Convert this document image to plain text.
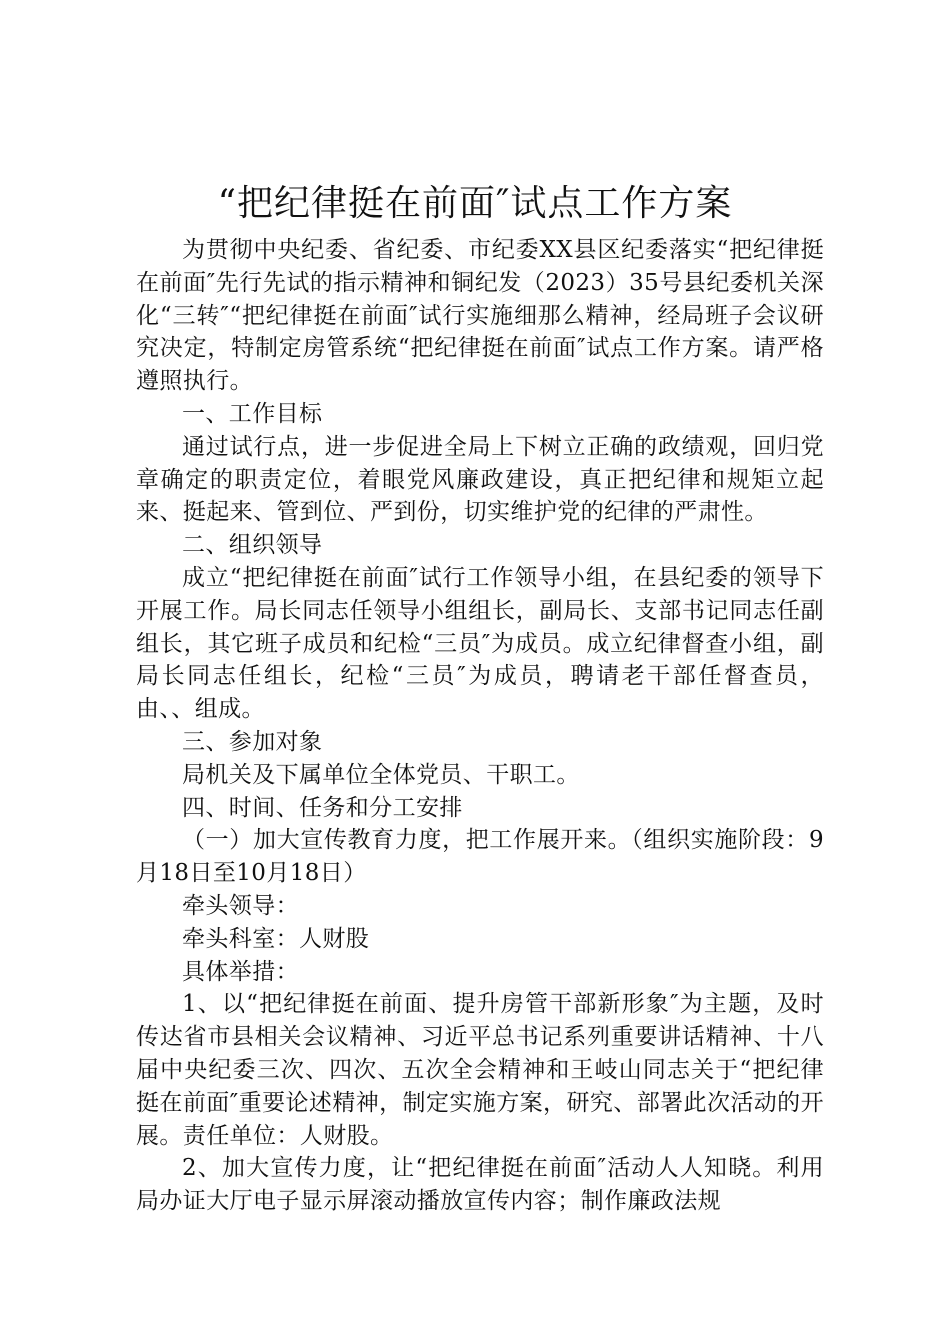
“把纪律挺在前面″试点工作方案

为贯彻中央纪委、省纪委、市纪委XX县区纪委落实“把纪律挺在前面″先行先试的指示精神和铜纪发（2023）35号县纪委机关深化“三转″“把纪律挺在前面″试行实施细那么精神，经局班子会议研究决定，特制定房管系统“把纪律挺在前面″试点工作方案。请严格遵照执行。

一、工作目标

通过试行点，进一步促进全局上下树立正确的政绩观，回归党章确定的职责定位，着眼党风廉政建设，真正把纪律和规矩立起来、挺起来、管到位、严到份，切实维护党的纪律的严肃性。

二、组织领导

成立“把纪律挺在前面″试行工作领导小组，在县纪委的领导下开展工作。局长同志任领导小组组长，副局长、支部书记同志任副组长，其它班子成员和纪检“三员″为成员。成立纪律督查小组，副局长同志任组长，纪检“三员″为成员，聘请老干部任督查员，由、、组成。

三、参加对象

局机关及下属单位全体党员、干职工。

四、时间、任务和分工安排

（一）加大宣传教育力度，把工作展开来。（组织实施阶段：9月18日至10月18日）

牵头领导：

牵头科室：人财股

具体举措：

1、以“把纪律挺在前面、提升房管干部新形象″为主题，及时传达省市县相关会议精神、习近平总书记系列重要讲话精神、十八届中央纪委三次、四次、五次全会精神和王岐山同志关于“把纪律挺在前面″重要论述精神，制定实施方案，研究、部署此次活动的开展。责任单位：人财股。

2、加大宣传力度，让“把纪律挺在前面″活动人人知晓。利用局办证大厅电子显示屏滚动播放宣传内容；制作廉政法规
